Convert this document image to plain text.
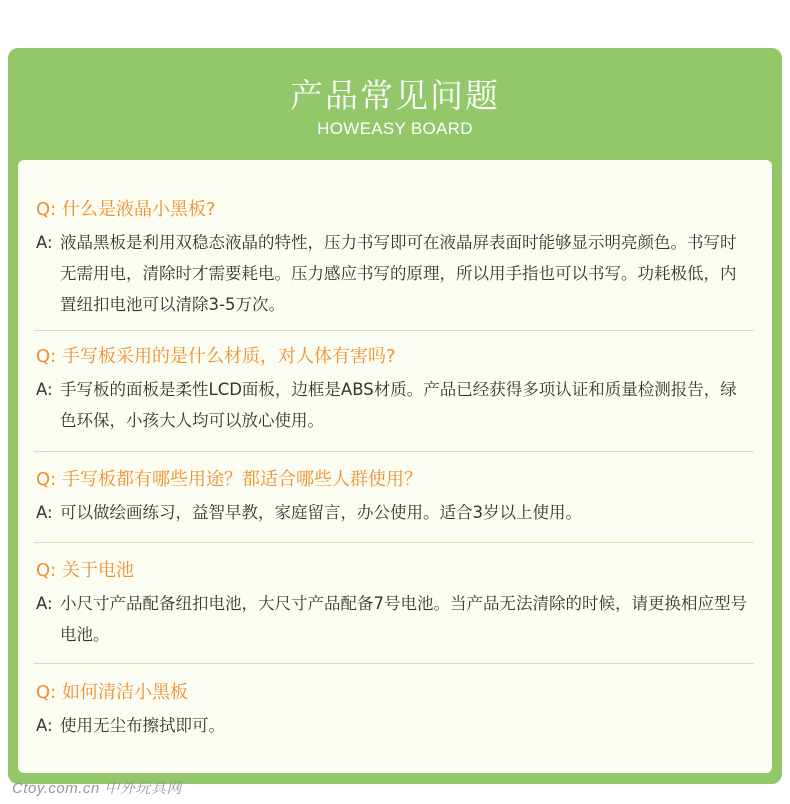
产品常见问题
HOWEASY BOARD

Q: 什么是液晶小黑板?

A: 液晶黑板是利用双稳态液晶的特性，压力书写即可在液晶屏表面时能够显示明亮颜色。书写时无需用电，清除时才需要耗电。压力感应书写的原理，所以用手指也可以书写。功耗极低，内置纽扣电池可以清除3-5万次。

Q: 手写板采用的是什么材质，对人体有害吗?

A: 手写板的面板是柔性LCD面板，边框是ABS材质。产品已经获得多项认证和质量检测报告，绿色环保，小孩大人均可以放心使用。

Q: 手写板都有哪些用途？都适合哪些人群使用？

A: 可以做绘画练习，益智早教，家庭留言，办公使用。适合3岁以上使用。

Q: 关于电池

A: 小尺寸产品配备纽扣电池，大尺寸产品配备7号电池。当产品无法清除的时候，请更换相应型号电池。

Q: 如何清洁小黑板

A: 使用无尘布擦拭即可。

Ctoy.com.cn 中外玩具网
